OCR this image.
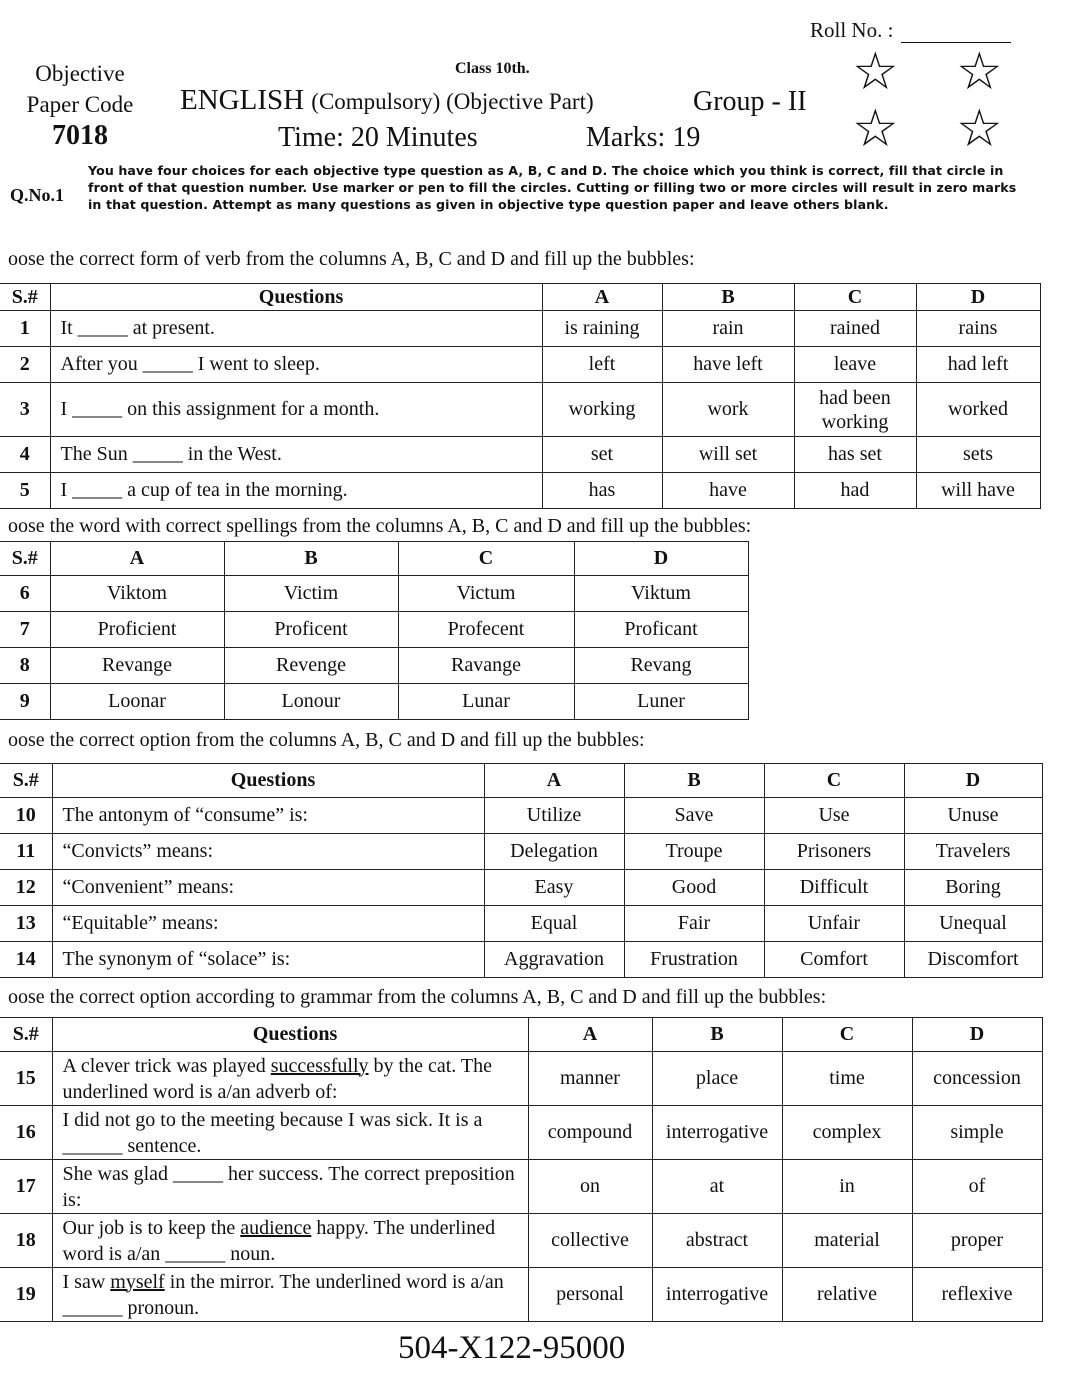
Roll No. :
Objective
Paper Code
7018
Class 10th.
ENGLISH (Compulsory) (Objective Part)	Group - II
Time: 20 Minutes	Marks: 19
☆ ☆
☆ ☆
Q.No.1
You have four choices for each objective type question as A, B, C and D. The choice which you think is correct, fill that circle in front of that question number. Use marker or pen to fill the circles. Cutting or filling two or more circles will result in zero marks in that question. Attempt as many questions as given in objective type question paper and leave others blank.
oose the correct form of verb from the columns A, B, C and D and fill up the bubbles:
S.#	Questions	A	B	C	D
1	It _____ at present.	is raining	rain	rained	rains
2	After you _____ I went to sleep.	left	have left	leave	had left
3	I _____ on this assignment for a month.	working	work	had been working	worked
4	The Sun _____ in the West.	set	will set	has set	sets
5	I _____ a cup of tea in the morning.	has	have	had	will have
oose the word with correct spellings from the columns A, B, C and D and fill up the bubbles:
S.#	A	B	C	D
6	Viktom	Victim	Victum	Viktum
7	Proficient	Proficent	Profecent	Proficant
8	Revange	Revenge	Ravange	Revang
9	Loonar	Lonour	Lunar	Luner
oose the correct option from the columns A, B, C and D and fill up the bubbles:
S.#	Questions	A	B	C	D
10	The antonym of “consume” is:	Utilize	Save	Use	Unuse
11	“Convicts” means:	Delegation	Troupe	Prisoners	Travelers
12	“Convenient” means:	Easy	Good	Difficult	Boring
13	“Equitable” means:	Equal	Fair	Unfair	Unequal
14	The synonym of “solace” is:	Aggravation	Frustration	Comfort	Discomfort
oose the correct option according to grammar from the columns A, B, C and D and fill up the bubbles:
S.#	Questions	A	B	C	D
15	A clever trick was played successfully by the cat. The underlined word is a/an adverb of:	manner	place	time	concession
16	I did not go to the meeting because I was sick. It is a ______ sentence.	compound	interrogative	complex	simple
17	She was glad _____ her success. The correct preposition is:	on	at	in	of
18	Our job is to keep the audience happy. The underlined word is a/an ______ noun.	collective	abstract	material	proper
19	I saw myself in the mirror. The underlined word is a/an ______ pronoun.	personal	interrogative	relative	reflexive
504-X122-95000
